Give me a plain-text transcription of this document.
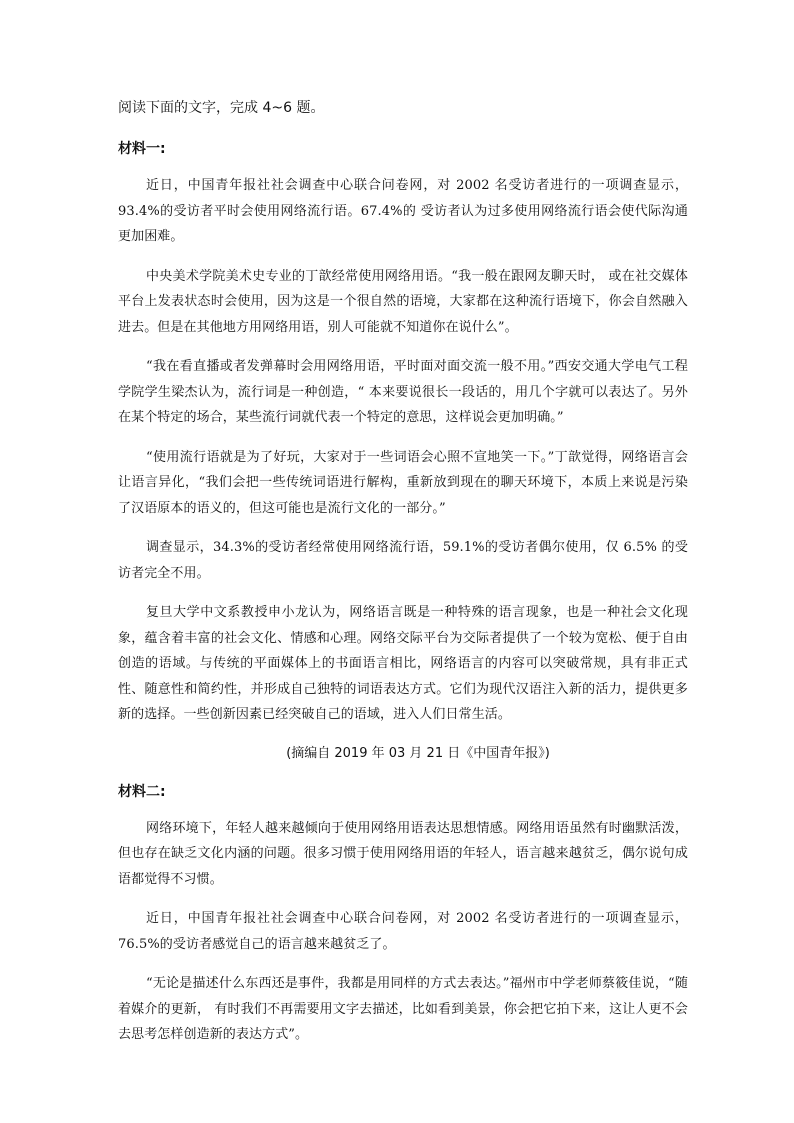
阅读下面的文字，完成 4~6 题。

材料一:

近日，中国青年报社社会调查中心联合问卷网，对 2002 名受访者进行的一项调查显示，93.4%的受访者平时会使用网络流行语。67.4%的 受访者认为过多使用网络流行语会使代际沟通更加困难。

中央美术学院美术史专业的丁歆经常使用网络用语。“我一般在跟网友聊天时， 或在社交媒体平台上发表状态时会使用，因为这是一个很自然的语境，大家都在这种流行语境下，你会自然融入进去。但是在其他地方用网络用语，别人可能就不知道你在说什么”。

“我在看直播或者发弹幕时会用网络用语，平时面对面交流一般不用。”西安交通大学电气工程学院学生梁杰认为，流行词是一种创造，“ 本来要说很长一段话的，用几个字就可以表达了。另外在某个特定的场合，某些流行词就代表一个特定的意思，这样说会更加明确。”

“使用流行语就是为了好玩，大家对于一些词语会心照不宣地笑一下。”丁歆觉得，网络语言会让语言异化，“我们会把一些传统词语进行解构，重新放到现在的聊天环境下，本质上来说是污染了汉语原本的语义的，但这可能也是流行文化的一部分。”

调查显示，34.3%的受访者经常使用网络流行语，59.1%的受访者偶尔使用，仅 6.5% 的受访者完全不用。

复旦大学中文系教授申小龙认为，网络语言既是一种特殊的语言现象，也是一种社会文化现象，蕴含着丰富的社会文化、情感和心理。网络交际平台为交际者提供了一个较为宽松、便于自由创造的语域。与传统的平面媒体上的书面语言相比，网络语言的内容可以突破常规，具有非正式性、随意性和简约性，并形成自己独特的词语表达方式。它们为现代汉语注入新的活力，提供更多新的选择。一些创新因素已经突破自己的语域，进入人们日常生活。

(摘编自 2019 年 03 月 21 日《中国青年报》)

材料二:

网络环境下，年轻人越来越倾向于使用网络用语表达思想情感。网络用语虽然有时幽默活泼，但也存在缺乏文化内涵的问题。很多习惯于使用网络用语的年轻人，语言越来越贫乏，偶尔说句成语都觉得不习惯。

近日，中国青年报社社会调查中心联合问卷网，对 2002 名受访者进行的一项调查显示，76.5%的受访者感觉自己的语言越来越贫乏了。

“无论是描述什么东西还是事件，我都是用同样的方式去表达。”福州市中学老师蔡筱佳说，“随着媒介的更新， 有时我们不再需要用文字去描述，比如看到美景，你会把它拍下来，这让人更不会去思考怎样创造新的表达方式”。
